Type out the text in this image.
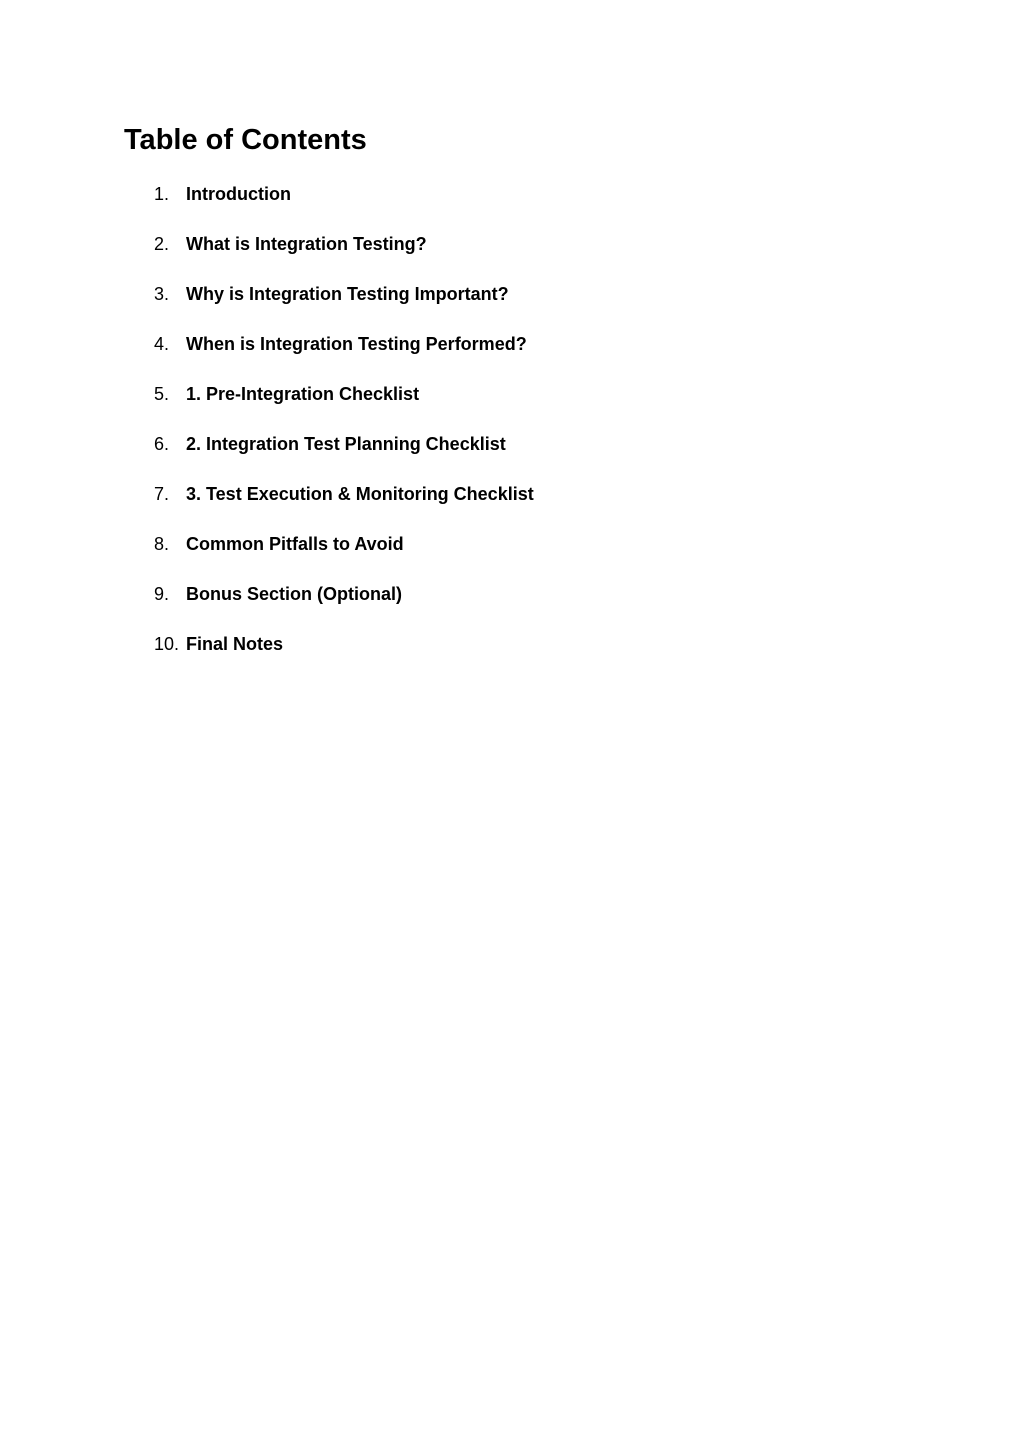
Table of Contents
1. Introduction
2. What is Integration Testing?
3. Why is Integration Testing Important?
4. When is Integration Testing Performed?
5. 1. Pre-Integration Checklist
6. 2. Integration Test Planning Checklist
7. 3. Test Execution & Monitoring Checklist
8. Common Pitfalls to Avoid
9. Bonus Section (Optional)
10. Final Notes
